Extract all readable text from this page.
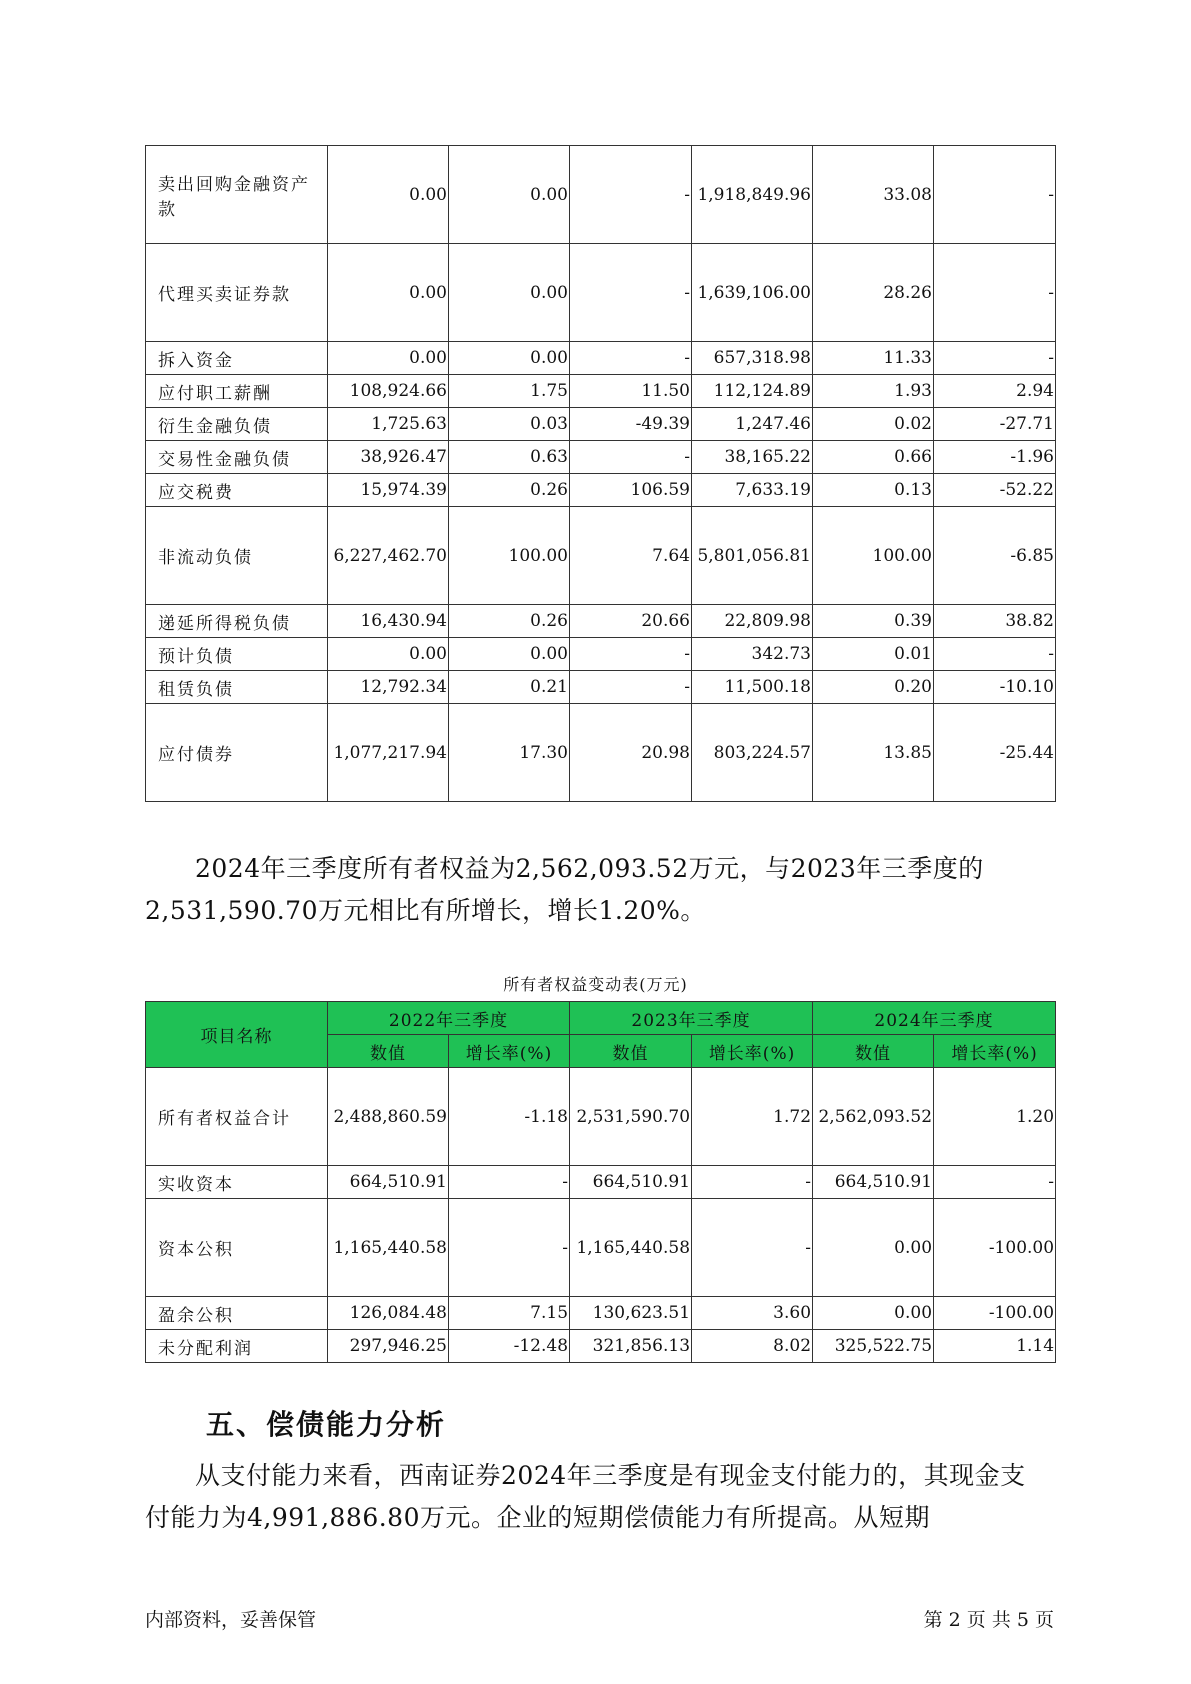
卖出回购金融资产款	0.00	0.00	-	1,918,849.96	33.08	-
代理买卖证券款	0.00	0.00	-	1,639,106.00	28.26	-
拆入资金	0.00	0.00	-	657,318.98	11.33	-
应付职工薪酬	108,924.66	1.75	11.50	112,124.89	1.93	2.94
衍生金融负债	1,725.63	0.03	-49.39	1,247.46	0.02	-27.71
交易性金融负债	38,926.47	0.63	-	38,165.22	0.66	-1.96
应交税费	15,974.39	0.26	106.59	7,633.19	0.13	-52.22
非流动负债	6,227,462.70	100.00	7.64	5,801,056.81	100.00	-6.85
递延所得税负债	16,430.94	0.26	20.66	22,809.98	0.39	38.82
预计负债	0.00	0.00	-	342.73	0.01	-
租赁负债	12,792.34	0.21	-	11,500.18	0.20	-10.10
应付债券	1,077,217.94	17.30	20.98	803,224.57	13.85	-25.44
2024年三季度所有者权益为2,562,093.52万元，与2023年三季度的2,531,590.70万元相比有所增长，增长1.20%。
所有者权益变动表(万元)
项目名称	2022年三季度		2023年三季度		2024年三季度	
	数值	增长率(%)	数值	增长率(%)	数值	增长率(%)
所有者权益合计	2,488,860.59	-1.18	2,531,590.70	1.72	2,562,093.52	1.20
实收资本	664,510.91	-	664,510.91	-	664,510.91	-
资本公积	1,165,440.58	-	1,165,440.58	-	0.00	-100.00
盈余公积	126,084.48	7.15	130,623.51	3.60	0.00	-100.00
未分配利润	297,946.25	-12.48	321,856.13	8.02	325,522.75	1.14
五、偿债能力分析
从支付能力来看，西南证券2024年三季度是有现金支付能力的，其现金支付能力为4,991,886.80万元。企业的短期偿债能力有所提高。从短期
内部资料，妥善保管	第 2 页 共 5 页
